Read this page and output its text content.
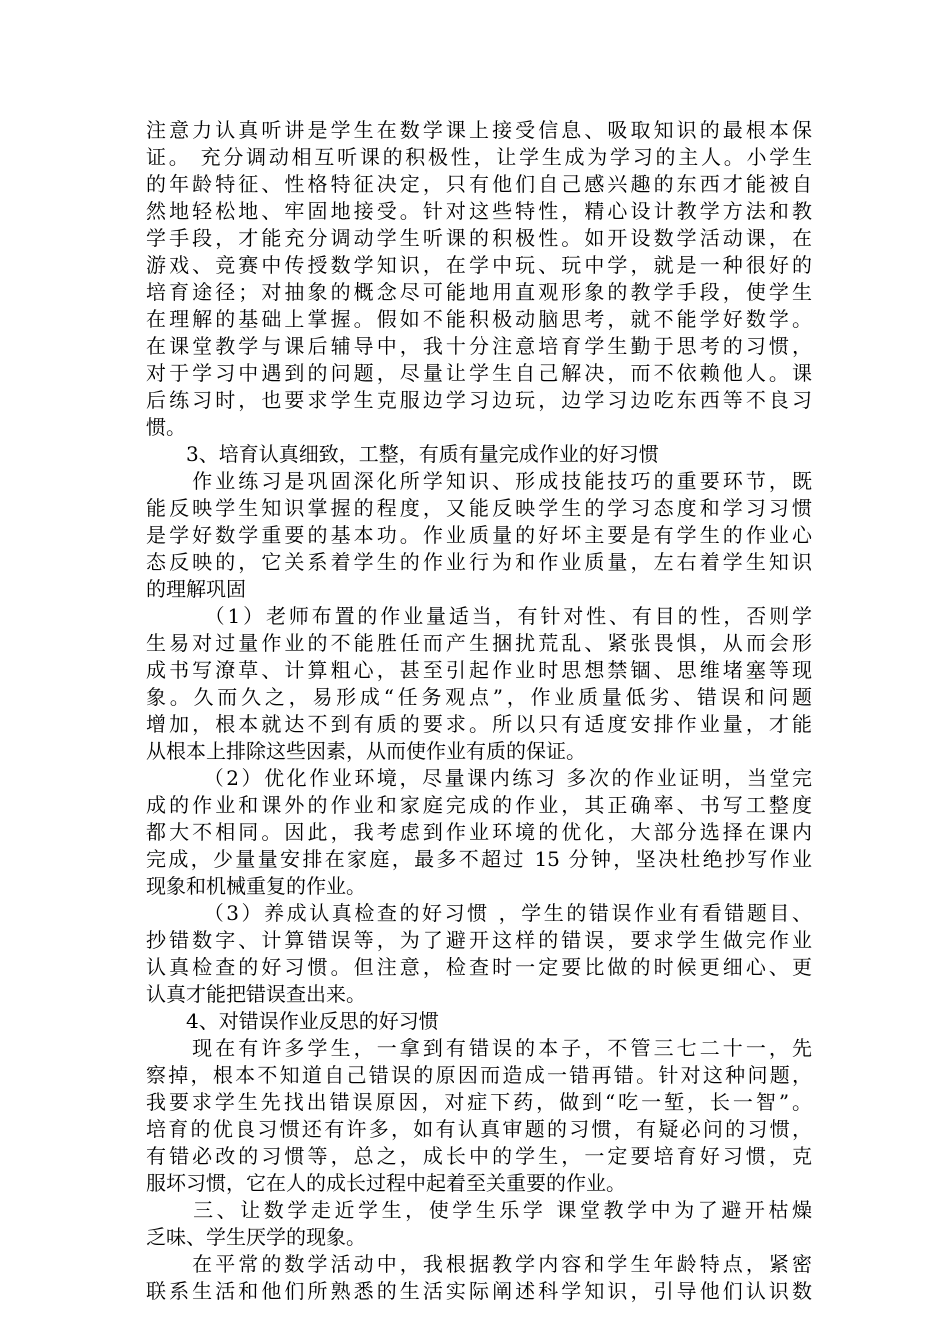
注意力认真听讲是学生在数学课上接受信息、吸取知识的最根本保
证。 充分调动相互听课的积极性，让学生成为学习的主人。小学生
的年龄特征、性格特征决定，只有他们自己感兴趣的东西才能被自
然地轻松地、牢固地接受。针对这些特性，精心设计教学方法和教
学手段，才能充分调动学生听课的积极性。如开设数学活动课，在
游戏、竞赛中传授数学知识，在学中玩、玩中学，就是一种很好的
培育途径；对抽象的概念尽可能地用直观形象的教学手段，使学生
在理解的基础上掌握。假如不能积极动脑思考，就不能学好数学。
在课堂教学与课后辅导中，我十分注意培育学生勤于思考的习惯，
对于学习中遇到的问题，尽量让学生自己解决，而不依赖他人。课
后练习时，也要求学生克服边学习边玩，边学习边吃东西等不良习
惯。
　　3、培育认真细致，工整，有质有量完成作业的好习惯
　　作业练习是巩固深化所学知识、形成技能技巧的重要环节，既
能反映学生知识掌握的程度，又能反映学生的学习态度和学习习惯
是学好数学重要的基本功。作业质量的好坏主要是有学生的作业心
态反映的，它关系着学生的作业行为和作业质量，左右着学生知识
的理解巩固
　　　（1）老师布置的作业量适当，有针对性、有目的性，否则学
生易对过量作业的不能胜任而产生捆扰荒乱、紧张畏惧，从而会形
成书写潦草、计算粗心，甚至引起作业时思想禁锢、思维堵塞等现
象。久而久之，易形成“任务观点”，作业质量低劣、错误和问题
增加，根本就达不到有质的要求。所以只有适度安排作业量，才能
从根本上排除这些因素，从而使作业有质的保证。
　　　（2）优化作业环境，尽量课内练习 多次的作业证明，当堂完
成的作业和课外的作业和家庭完成的作业，其正确率、书写工整度
都大不相同。因此，我考虑到作业环境的优化，大部分选择在课内
完成，少量量安排在家庭，最多不超过 15 分钟，坚决杜绝抄写作业
现象和机械重复的作业。
　　　（3）养成认真检查的好习惯 ，学生的错误作业有看错题目、
抄错数字、计算错误等，为了避开这样的错误，要求学生做完作业
认真检查的好习惯。但注意，检查时一定要比做的时候更细心、更
认真才能把错误查出来。
　　4、对错误作业反思的好习惯
　　现在有许多学生，一拿到有错误的本子，不管三七二十一，先
察掉，根本不知道自己错误的原因而造成一错再错。针对这种问题，
我要求学生先找出错误原因，对症下药，做到“吃一堑，长一智”。
培育的优良习惯还有许多，如有认真审题的习惯，有疑必问的习惯，
有错必改的习惯等，总之，成长中的学生，一定要培育好习惯，克
服坏习惯，它在人的成长过程中起着至关重要的作业。
　　三、让数学走近学生，使学生乐学 课堂教学中为了避开枯燥
乏味、学生厌学的现象。
　　在平常的数学活动中，我根据教学内容和学生年龄特点，紧密
联系生活和他们所熟悉的生活实际阐述科学知识，引导他们认识数
